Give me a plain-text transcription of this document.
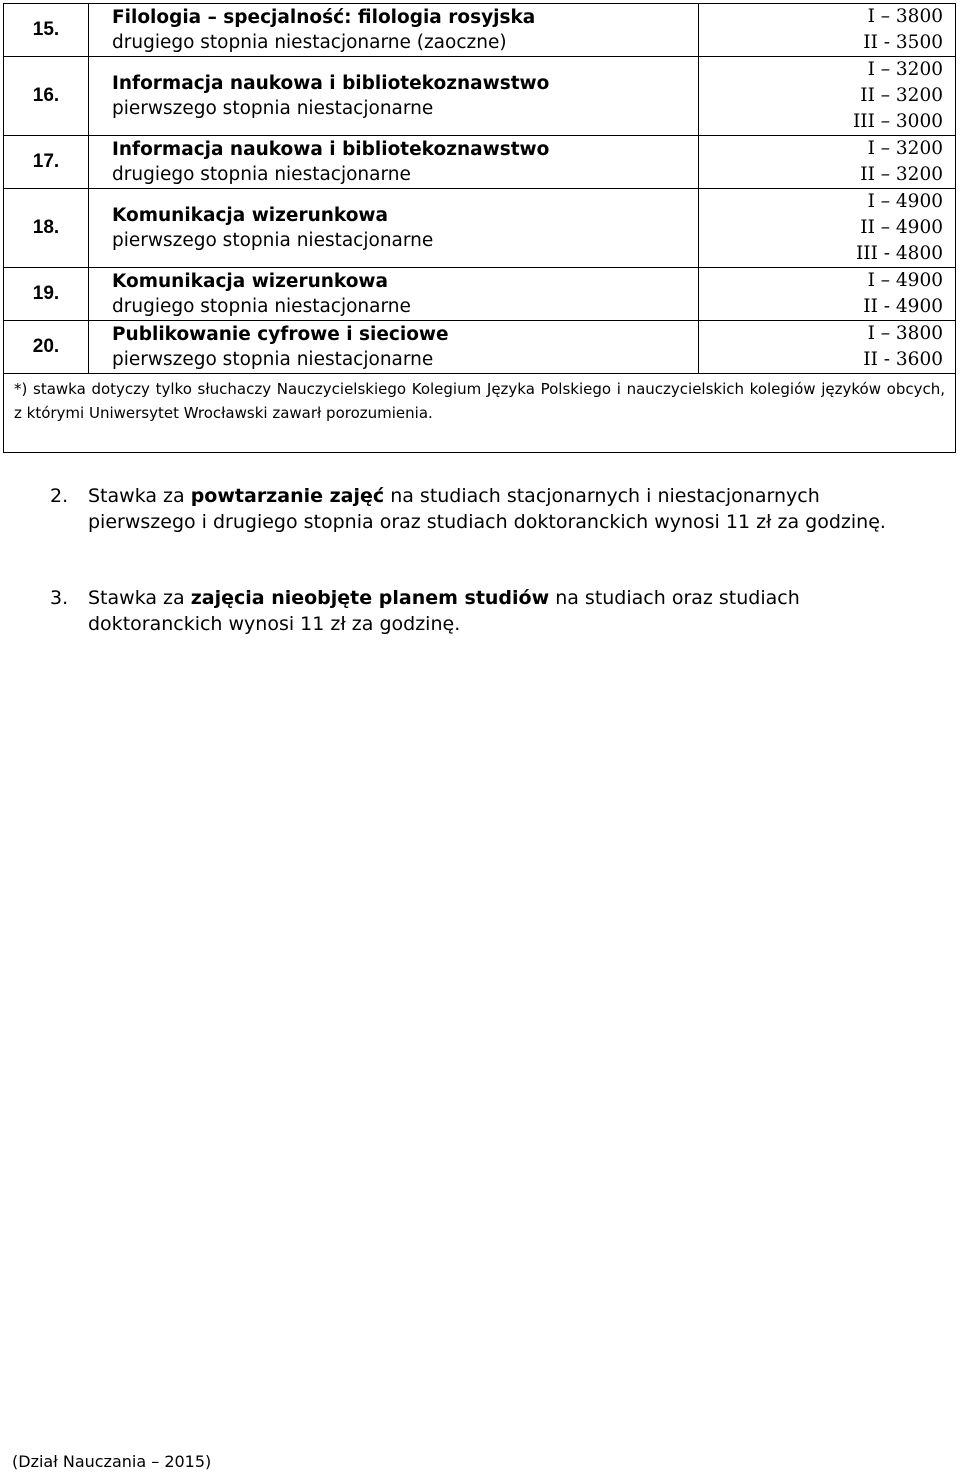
15.	Filologia – specjalność: filologia rosyjska
drugiego stopnia niestacjonarne (zaoczne)	I – 3800
II - 3500

16.	Informacja naukowa i bibliotekoznawstwo
pierwszego stopnia niestacjonarne	I – 3200
II – 3200
III – 3000

17.	Informacja naukowa i bibliotekoznawstwo
drugiego stopnia niestacjonarne	I – 3200
II – 3200

18.	Komunikacja wizerunkowa
pierwszego stopnia niestacjonarne	I – 4900
II – 4900
III - 4800

19.	Komunikacja wizerunkowa
drugiego stopnia niestacjonarne	I – 4900
II - 4900

20.	Publikowanie cyfrowe i sieciowe
pierwszego stopnia niestacjonarne	I – 3800
II - 3600

*) stawka dotyczy tylko słuchaczy Nauczycielskiego Kolegium Języka Polskiego i nauczycielskich kolegiów języków obcych, z którymi Uniwersytet Wrocławski zawarł porozumienia.		
2. Stawka za powtarzanie zajęć na studiach stacjonarnych i niestacjonarnych
pierwszego i drugiego stopnia oraz studiach doktoranckich wynosi 11 zł za godzinę.
3. Stawka za zajęcia nieobjęte planem studiów na studiach oraz studiach
doktoranckich wynosi 11 zł za godzinę.
(Dział Nauczania – 2015)
